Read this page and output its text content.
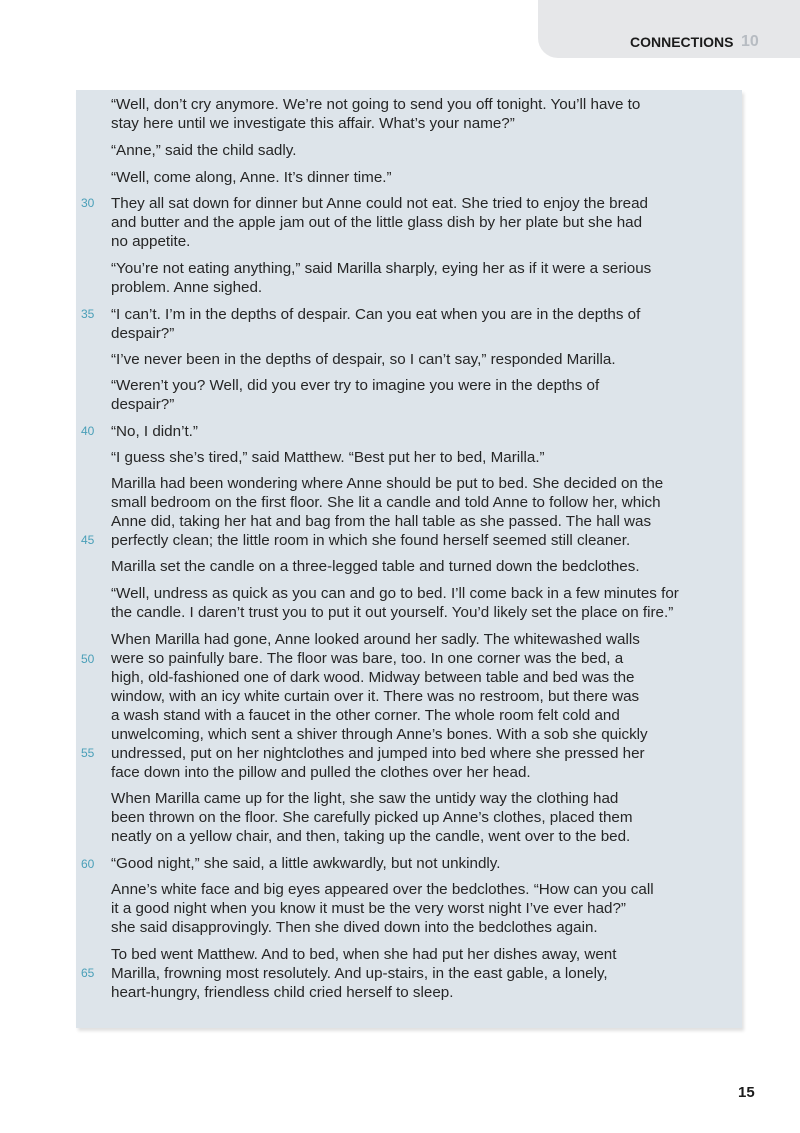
CONNECTIONS 10
30
35
40
45
50
55
60
65
“Well, don’t cry anymore. We’re not going to send you off tonight. You’ll have to
stay here until we investigate this affair. What’s your name?”
“Anne,” said the child sadly.
“Well, come along, Anne. It’s dinner time.”
They all sat down for dinner but Anne could not eat. She tried to enjoy the bread
and butter and the apple jam out of the little glass dish by her plate but she had
no appetite.
“You’re not eating anything,” said Marilla sharply, eying her as if it were a serious
problem. Anne sighed.
“I can’t. I’m in the depths of despair. Can you eat when you are in the depths of
despair?”
“I’ve never been in the depths of despair, so I can’t say,” responded Marilla.
“Weren’t you? Well, did you ever try to imagine you were in the depths of
despair?”
“No, I didn’t.”
“I guess she’s tired,” said Matthew. “Best put her to bed, Marilla.”
Marilla had been wondering where Anne should be put to bed. She decided on the
small bedroom on the first floor. She lit a candle and told Anne to follow her, which
Anne did, taking her hat and bag from the hall table as she passed. The hall was
perfectly clean; the little room in which she found herself seemed still cleaner.
Marilla set the candle on a three-legged table and turned down the bedclothes.
“Well, undress as quick as you can and go to bed. I’ll come back in a few minutes for
the candle. I daren’t trust you to put it out yourself. You’d likely set the place on fire.”
When Marilla had gone, Anne looked around her sadly. The whitewashed walls
were so painfully bare. The floor was bare, too. In one corner was the bed, a
high, old-fashioned one of dark wood. Midway between table and bed was the
window, with an icy white curtain over it. There was no restroom, but there was
a wash stand with a faucet in the other corner. The whole room felt cold and
unwelcoming, which sent a shiver through Anne’s bones. With a sob she quickly
undressed, put on her nightclothes and jumped into bed where she pressed her
face down into the pillow and pulled the clothes over her head.
When Marilla came up for the light, she saw the untidy way the clothing had
been thrown on the floor. She carefully picked up Anne’s clothes, placed them
neatly on a yellow chair, and then, taking up the candle, went over to the bed.
“Good night,” she said, a little awkwardly, but not unkindly.
Anne’s white face and big eyes appeared over the bedclothes. “How can you call
it a good night when you know it must be the very worst night I’ve ever had?”
she said disapprovingly. Then she dived down into the bedclothes again.
To bed went Matthew. And to bed, when she had put her dishes away, went
Marilla, frowning most resolutely. And up-stairs, in the east gable, a lonely,
heart-hungry, friendless child cried herself to sleep.
15
